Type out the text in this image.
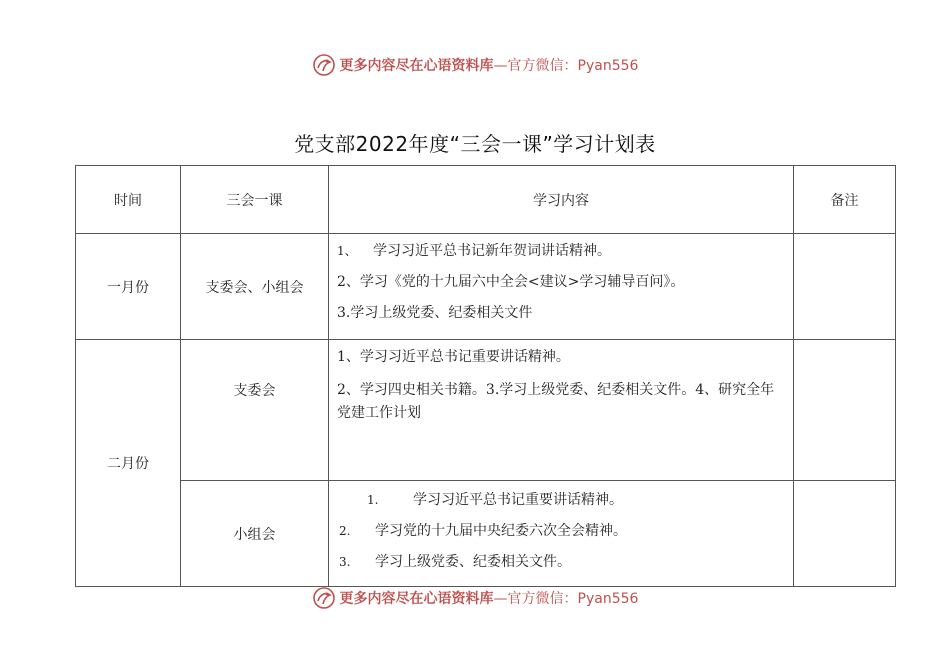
更多内容尽在心语资料库 —官方微信：Pyan556
党支部2022年度“三会一课”学习计划表
时间	三会一课	学习内容	备注
一月份	支委会、小组会	1、 学习习近平总书记新年贺词讲话精神。

2、学习《党的十九届六中全会<建议>学习辅导百问》。

3.学习上级党委、纪委相关文件	

二月份	支委会	1、学习习近平总书记重要讲话精神。

2、学习四史相关书籍。3.学习上级党委、纪委相关文件。4、研究全年党建工作计划	

	小组会	1. 学习习近平总书记重要讲话精神。

2. 学习党的十九届中央纪委六次全会精神。

3. 学习上级党委、纪委相关文件。	

更多内容尽在心语资料库 —官方微信：Pyan556
